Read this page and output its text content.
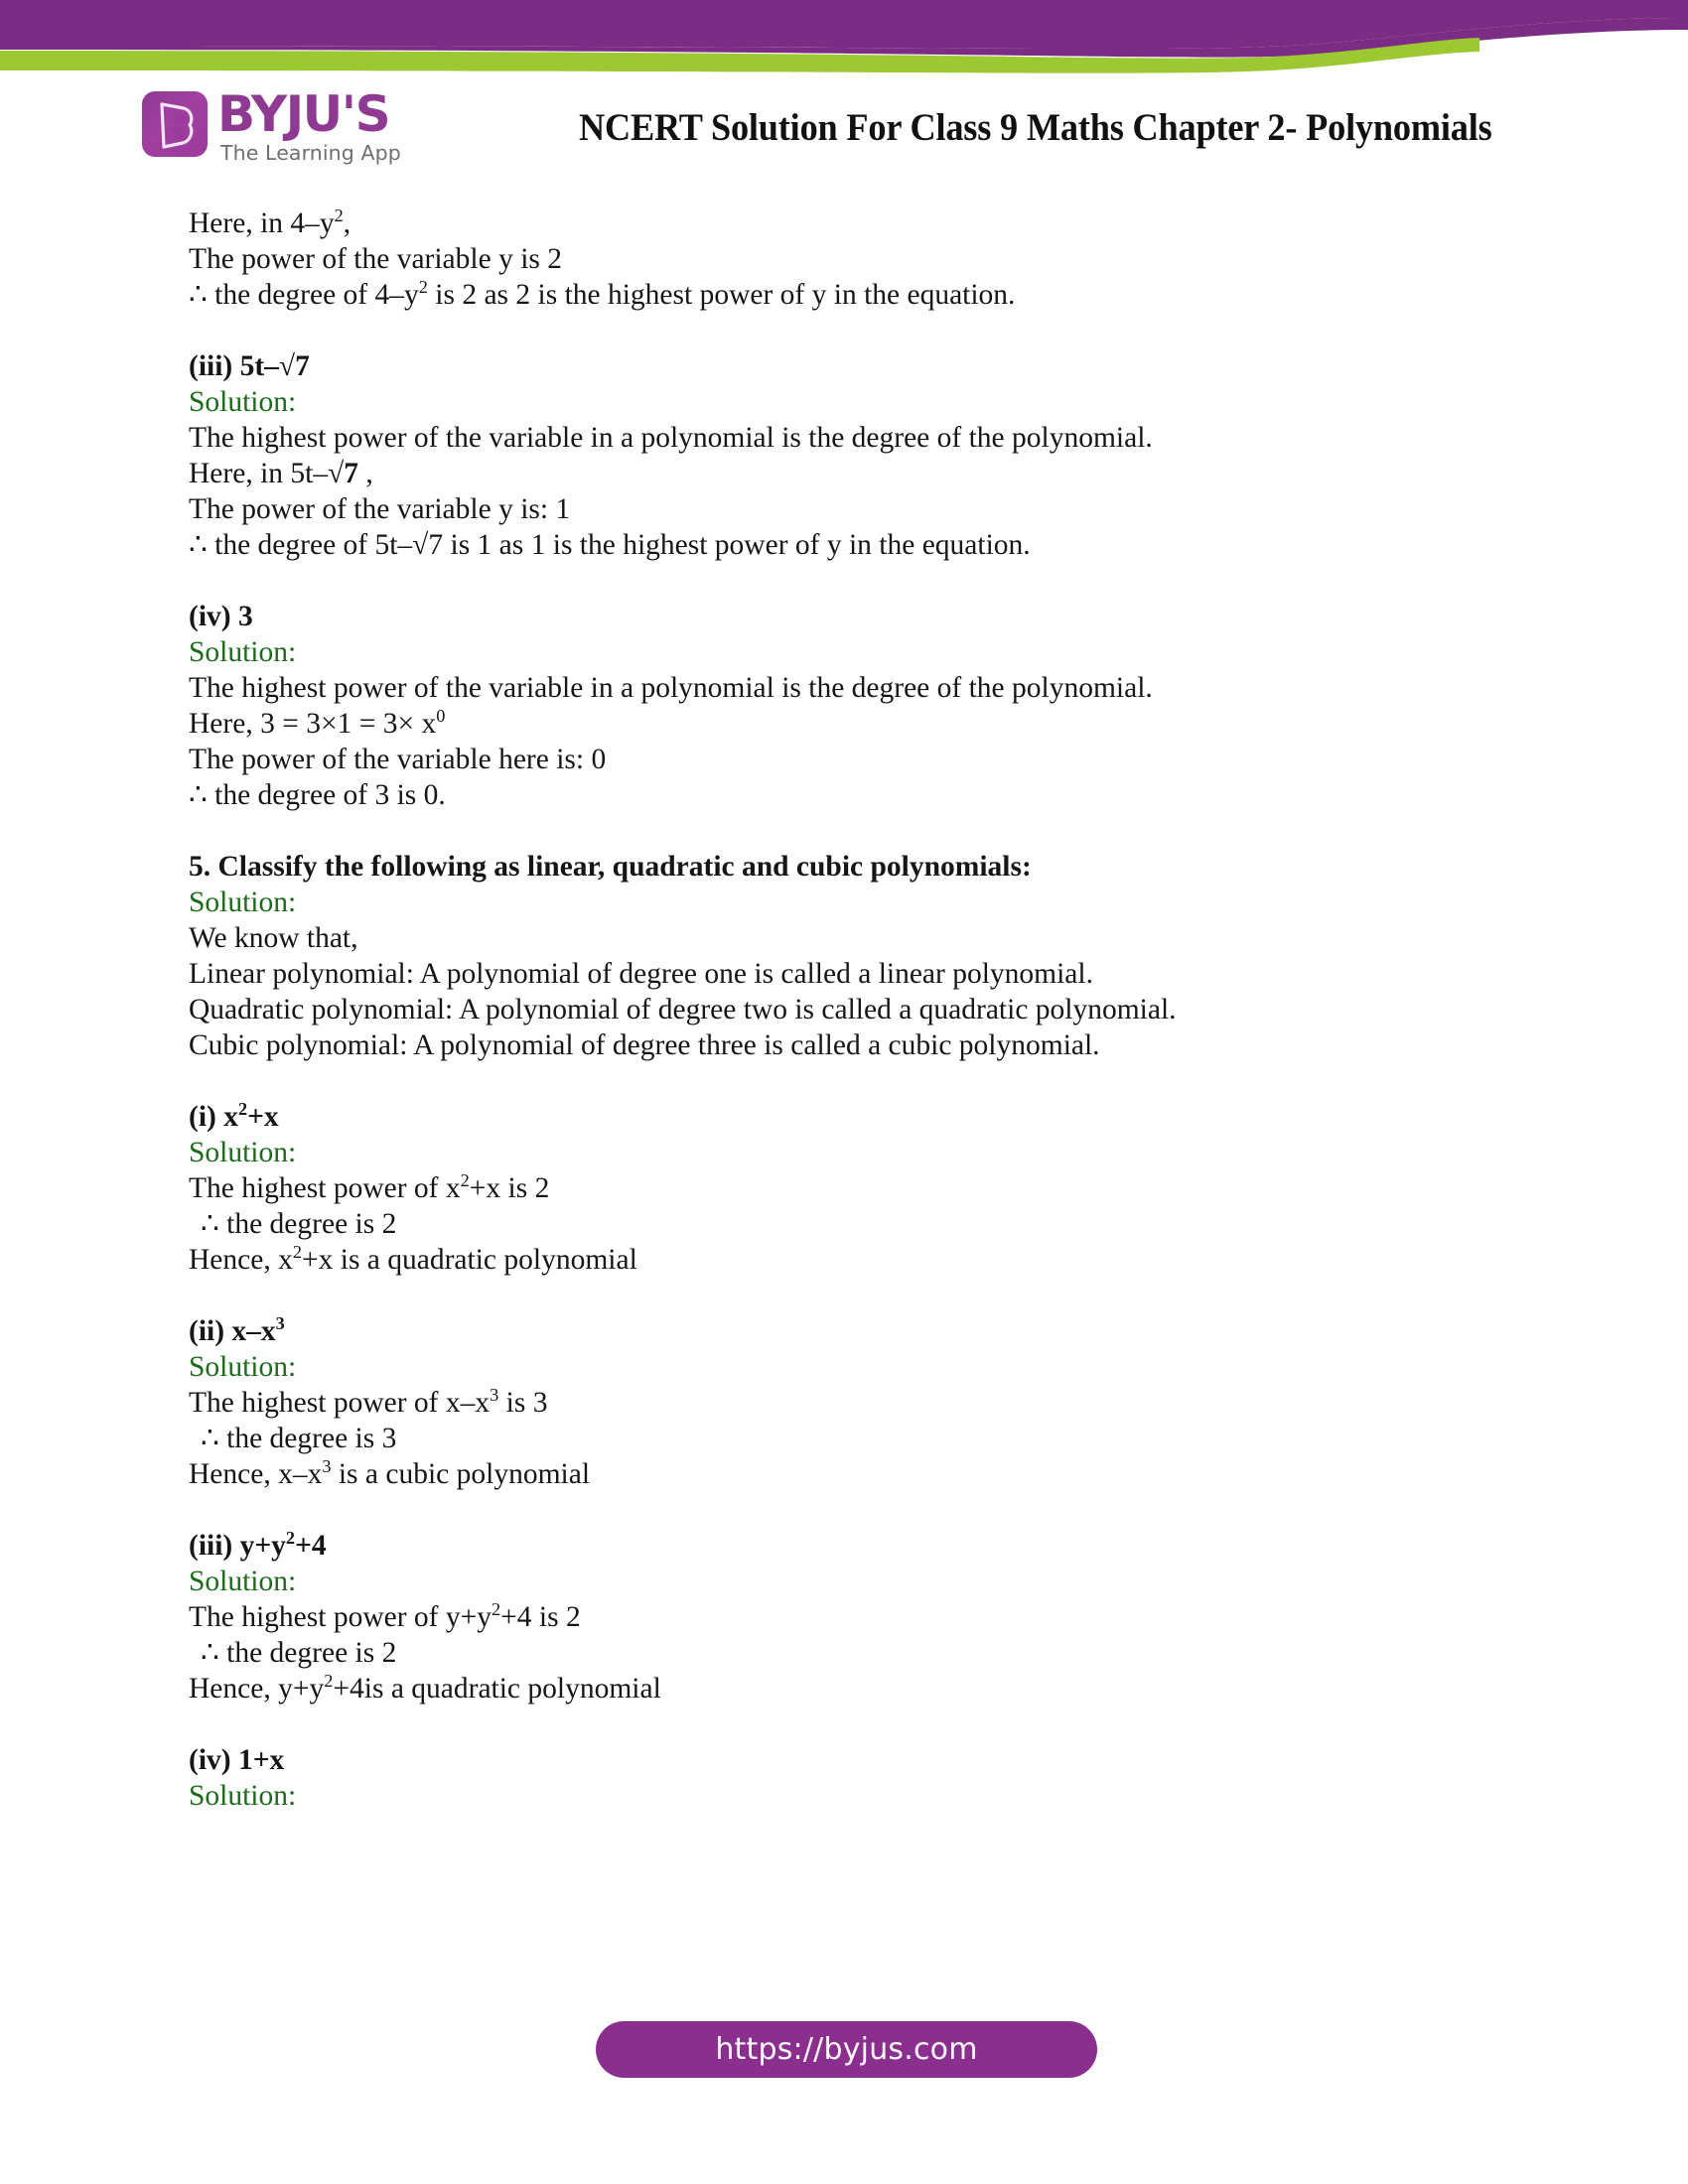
BYJU'S
The Learning App
NCERT Solution For Class 9 Maths Chapter 2- Polynomials
Here, in $4-y^2$,
The power of the variable y is 2
∴ the degree of $4-y^2$ is 2 as 2 is the highest power of y in the equation.
(iii) 5t–√7
Solution:
The highest power of the variable in a polynomial is the degree of the polynomial.
Here, in 5t–√7 ,
The power of the variable y is: 1
∴ the degree of 5t–√7 is 1 as 1 is the highest power of y in the equation.
(iv) 3
Solution:
The highest power of the variable in a polynomial is the degree of the polynomial.
Here, $3 = 3\times 1 = 3\times x^0$
The power of the variable here is: 0
∴ the degree of 3 is 0.
5. Classify the following as linear, quadratic and cubic polynomials:
Solution:
We know that,
Linear polynomial: A polynomial of degree one is called a linear polynomial.
Quadratic polynomial: A polynomial of degree two is called a quadratic polynomial.
Cubic polynomial: A polynomial of degree three is called a cubic polynomial.
(i) $x^2+x$
Solution:
The highest power of $x^2+x$ is 2
∴ the degree is 2
Hence, $x^2+x$ is a quadratic polynomial
(ii) $x-x^3$
Solution:
The highest power of $x-x^3$ is 3
∴ the degree is 3
Hence, $x-x^3$ is a cubic polynomial
(iii) $y+y^2+4$
Solution:
The highest power of $y+y^2+4$ is 2
∴ the degree is 2
Hence, $y+y^2+4is$ a quadratic polynomial
(iv) 1+x
Solution:
https://byjus.com
